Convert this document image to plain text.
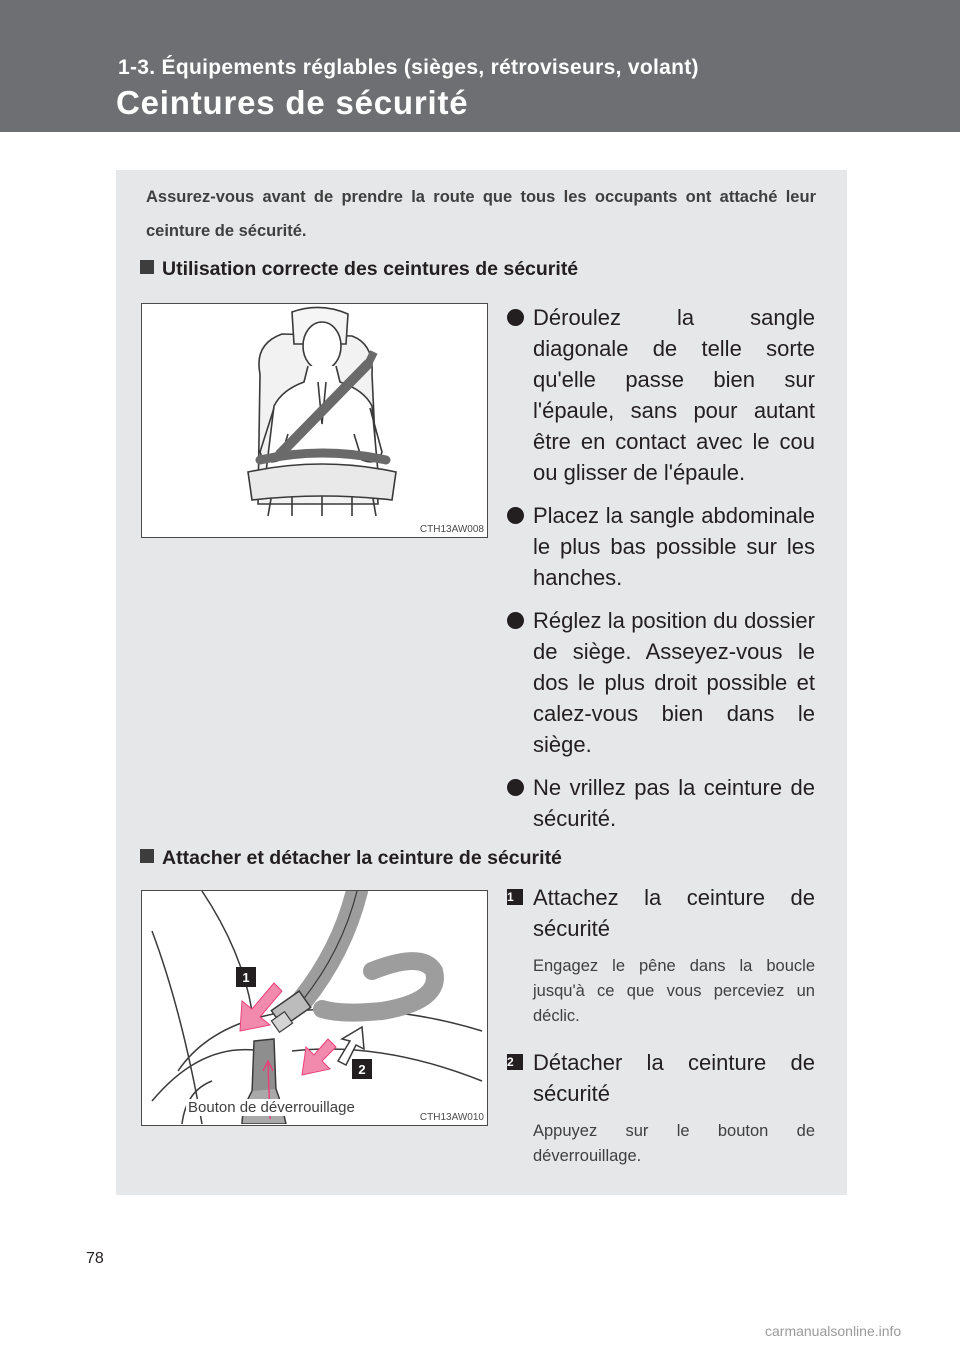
1-3. Équipements réglables (sièges, rétroviseurs, volant)
Ceintures de sécurité
Assurez-vous avant de prendre la route que tous les occupants ont attaché leur ceinture de sécurité.
Utilisation correcte des ceintures de sécurité
CTH13AW008
Déroulez la sangle diagonale de telle sorte qu'elle passe bien sur l'épaule, sans pour autant être en contact avec le cou ou glisser de l'épaule.
Placez la sangle abdominale le plus bas possible sur les hanches.
Réglez la position du dossier de siège. Asseyez-vous le dos le plus droit possible et calez-vous bien dans le siège.
Ne vrillez pas la ceinture de sécurité.
Attacher et détacher la ceinture de sécurité
1
2
Bouton de déverrouillage
CTH13AW010
1 Attachez la ceinture de sécurité
Engagez le pêne dans la boucle jusqu'à ce que vous perceviez un déclic.
2 Détacher la ceinture de sécurité
Appuyez sur le bouton de déverrouillage.
78
carmanualsonline.info
